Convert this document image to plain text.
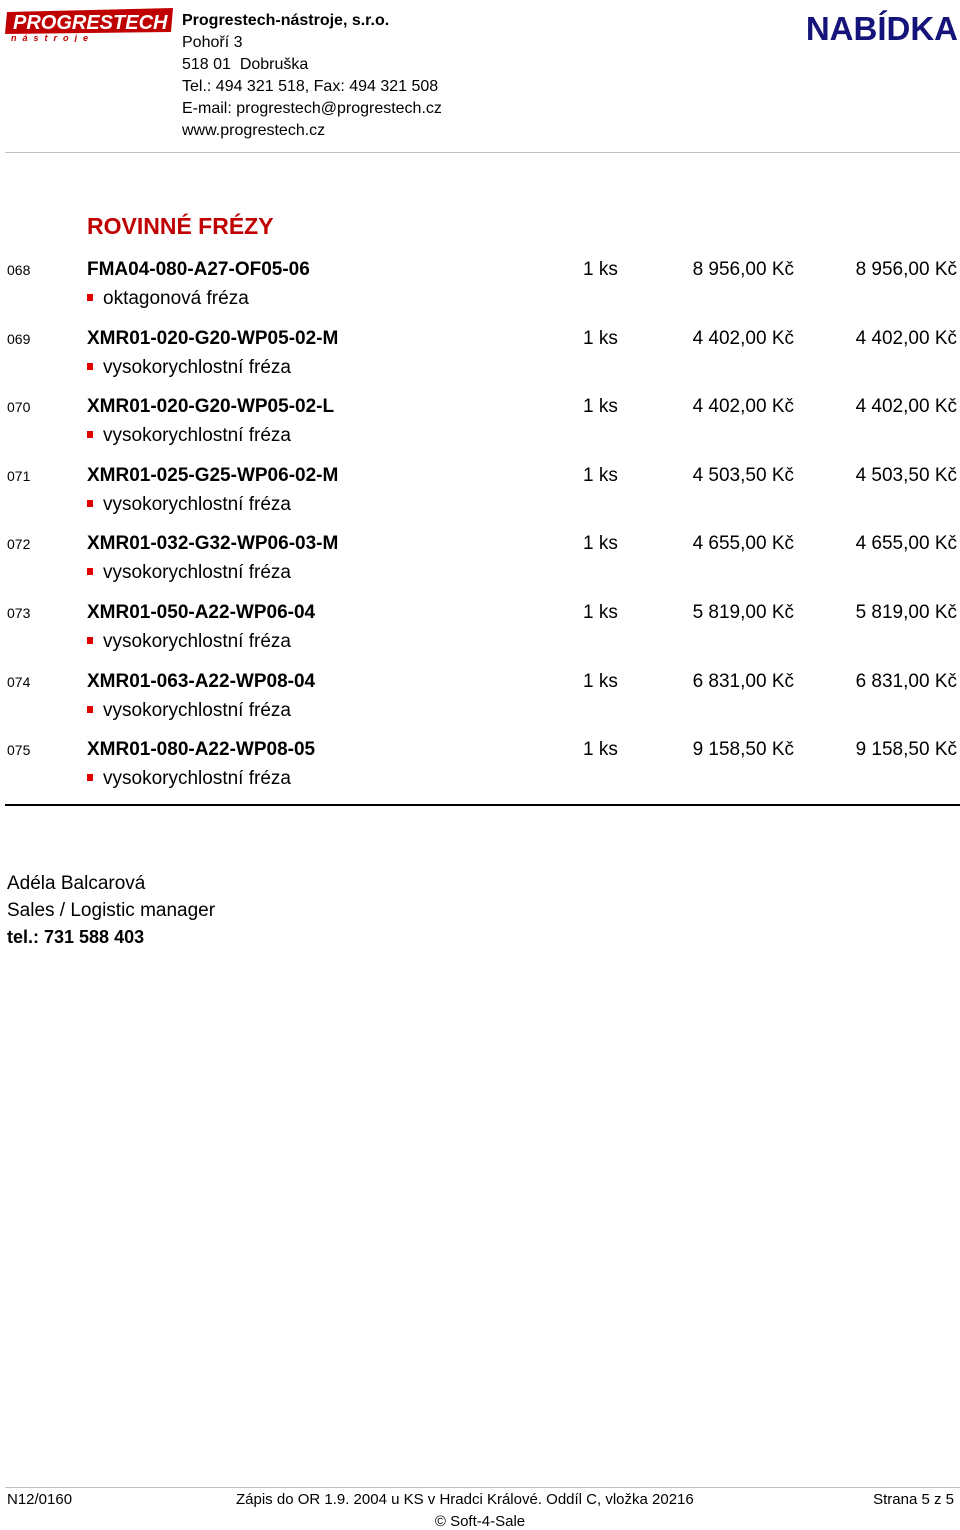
PROGRESTECH
nástroje
Progrestech-nástroje, s.r.o.
Pohoří 3
518 01  Dobruška
Tel.: 494 321 518, Fax: 494 321 508
E-mail: progrestech@progrestech.cz
www.progrestech.cz
NABÍDKA
ROVINNÉ FRÉZY
068	FMA04-080-A27-OF05-06	1 ks	8 956,00 Kč	8 956,00 Kč
oktagonová fréza
069	XMR01-020-G20-WP05-02-M	1 ks	4 402,00 Kč	4 402,00 Kč
vysokorychlostní fréza
070	XMR01-020-G20-WP05-02-L	1 ks	4 402,00 Kč	4 402,00 Kč
vysokorychlostní fréza
071	XMR01-025-G25-WP06-02-M	1 ks	4 503,50 Kč	4 503,50 Kč
vysokorychlostní fréza
072	XMR01-032-G32-WP06-03-M	1 ks	4 655,00 Kč	4 655,00 Kč
vysokorychlostní fréza
073	XMR01-050-A22-WP06-04	1 ks	5 819,00 Kč	5 819,00 Kč
vysokorychlostní fréza
074	XMR01-063-A22-WP08-04	1 ks	6 831,00 Kč	6 831,00 Kč
vysokorychlostní fréza
075	XMR01-080-A22-WP08-05	1 ks	9 158,50 Kč	9 158,50 Kč
vysokorychlostní fréza
Adéla Balcarová
Sales / Logistic manager
tel.: 731 588 403
N12/0160	Zápis do OR 1.9. 2004 u KS v Hradci Králové. Oddíl C, vložka 20216	Strana 5 z 5
© Soft-4-Sale
